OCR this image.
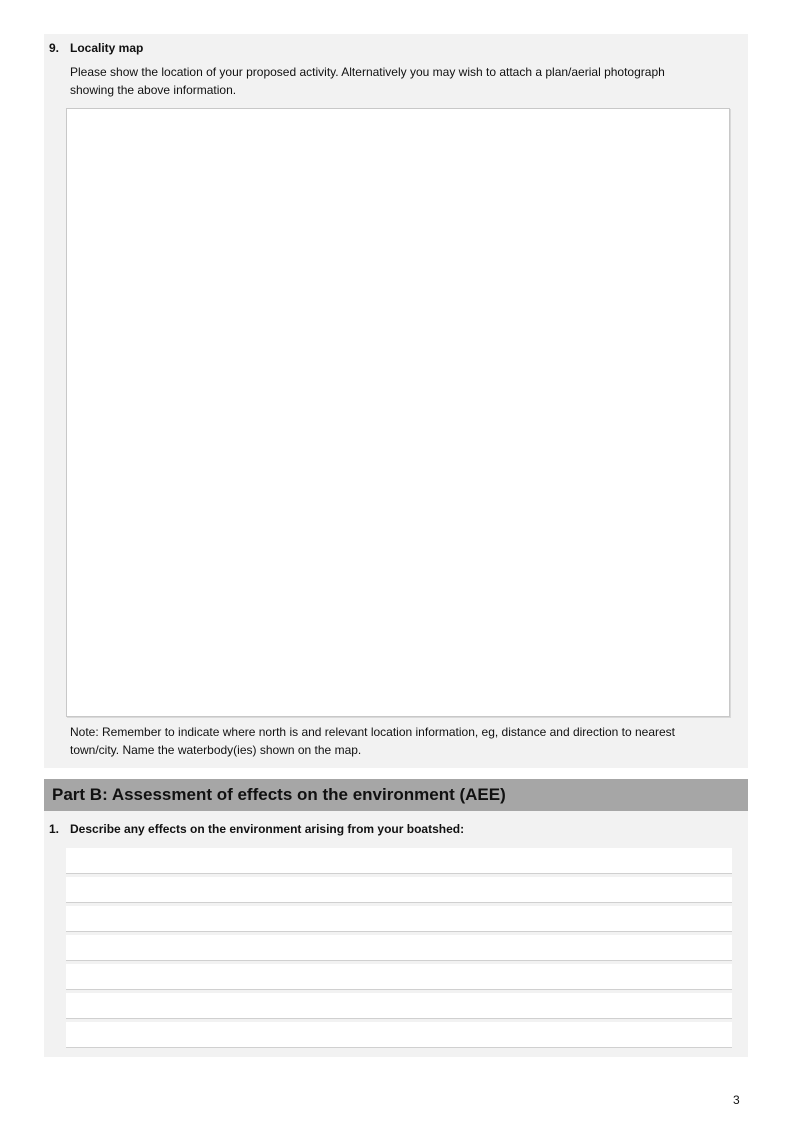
9. Locality map
Please show the location of your proposed activity. Alternatively you may wish to attach a plan/aerial photograph showing the above information.
Note: Remember to indicate where north is and relevant location information, eg, distance and direction to nearest town/city. Name the waterbody(ies) shown on the map.
Part B: Assessment of effects on the environment (AEE)
1. Describe any effects on the environment arising from your boatshed:
3
